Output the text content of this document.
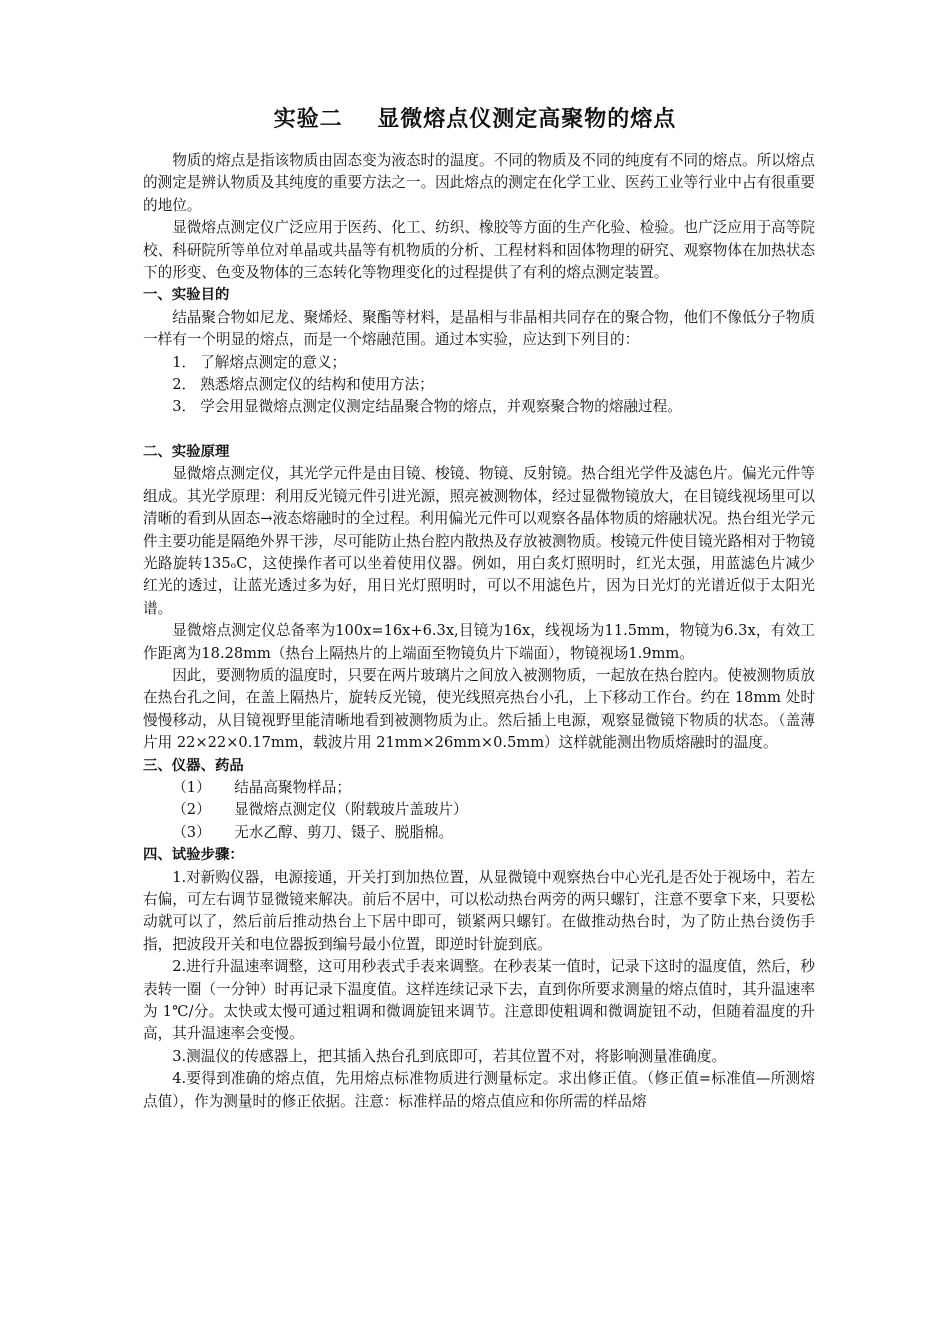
实验二    显微熔点仪测定高聚物的熔点

物质的熔点是指该物质由固态变为液态时的温度。不同的物质及不同的纯度有不同的熔点。所以熔点的测定是辨认物质及其纯度的重要方法之一。因此熔点的测定在化学工业、医药工业等行业中占有很重要的地位。

显微熔点测定仪广泛应用于医药、化工、纺织、橡胶等方面的生产化验、检验。也广泛应用于高等院校、科研院所等单位对单晶或共晶等有机物质的分析、工程材料和固体物理的研究、观察物体在加热状态下的形变、色变及物体的三态转化等物理变化的过程提供了有利的熔点测定装置。

一、实验目的

结晶聚合物如尼龙、聚烯烃、聚酯等材料，是晶相与非晶相共同存在的聚合物，他们不像低分子物质一样有一个明显的熔点，而是一个熔融范围。通过本实验，应达到下列目的：

1． 了解熔点测定的意义；

2． 熟悉熔点测定仪的结构和使用方法；

3． 学会用显微熔点测定仪测定结晶聚合物的熔点，并观察聚合物的熔融过程。

二、实验原理

显微熔点测定仪，其光学元件是由目镜、梭镜、物镜、反射镜。热合组光学件及滤色片。偏光元件等组成。其光学原理：利用反光镜元件引进光源，照亮被测物体，经过显微物镜放大，在目镜线视场里可以清晰的看到从固态→液态熔融时的全过程。利用偏光元件可以观察各晶体物质的熔融状况。热台组光学元件主要功能是隔绝外界干涉，尽可能防止热台腔内散热及存放被测物质。梭镜元件使目镜光路相对于物镜光路旋转135ₒC，这使操作者可以坐着使用仪器。例如，用白炙灯照明时，红光太强，用蓝滤色片减少红光的透过，让蓝光透过多为好，用日光灯照明时，可以不用滤色片，因为日光灯的光谱近似于太阳光谱。

显微熔点测定仪总备率为100x=16x+6.3x,目镜为16x，线视场为11.5mm，物镜为6.3x，有效工作距离为18.28mm（热台上隔热片的上端面至物镜负片下端面），物镜视场1.9mm。

因此，要测物质的温度时，只要在两片玻璃片之间放入被测物质，一起放在热台腔内。使被测物质放在热台孔之间，在盖上隔热片，旋转反光镜，使光线照亮热台小孔，上下移动工作台。约在 18mm 处时慢慢移动，从目镜视野里能清晰地看到被测物质为止。然后插上电源，观察显微镜下物质的状态。（盖薄片用 22×22×0.17mm，载波片用 21mm×26mm×0.5mm）这样就能测出物质熔融时的温度。

三、仪器、药品

（1） 结晶高聚物样品；

（2） 显微熔点测定仪（附载玻片盖玻片）

（3） 无水乙醇、剪刀、镊子、脱脂棉。

四、试验步骤：

1.对新购仪器，电源接通，开关打到加热位置，从显微镜中观察热台中心光孔是否处于视场中，若左右偏，可左右调节显微镜来解决。前后不居中，可以松动热台两旁的两只螺钉，注意不要拿下来，只要松动就可以了，然后前后推动热台上下居中即可，锁紧两只螺钉。在做推动热台时，为了防止热台烫伤手指，把波段开关和电位器扳到编号最小位置，即逆时针旋到底。

2.进行升温速率调整，这可用秒表式手表来调整。在秒表某一值时，记录下这时的温度值，然后，秒表转一圈（一分钟）时再记录下温度值。这样连续记录下去，直到你所要求测量的熔点值时，其升温速率为 1℃/分。太快或太慢可通过粗调和微调旋钮来调节。注意即使粗调和微调旋钮不动，但随着温度的升高，其升温速率会变慢。

3.测温仪的传感器上，把其插入热台孔到底即可，若其位置不对，将影响测量准确度。

4.要得到准确的熔点值，先用熔点标准物质进行测量标定。求出修正值。（修正值=标准值—所测熔点值），作为测量时的修正依据。注意：标准样品的熔点值应和你所需的样品熔
